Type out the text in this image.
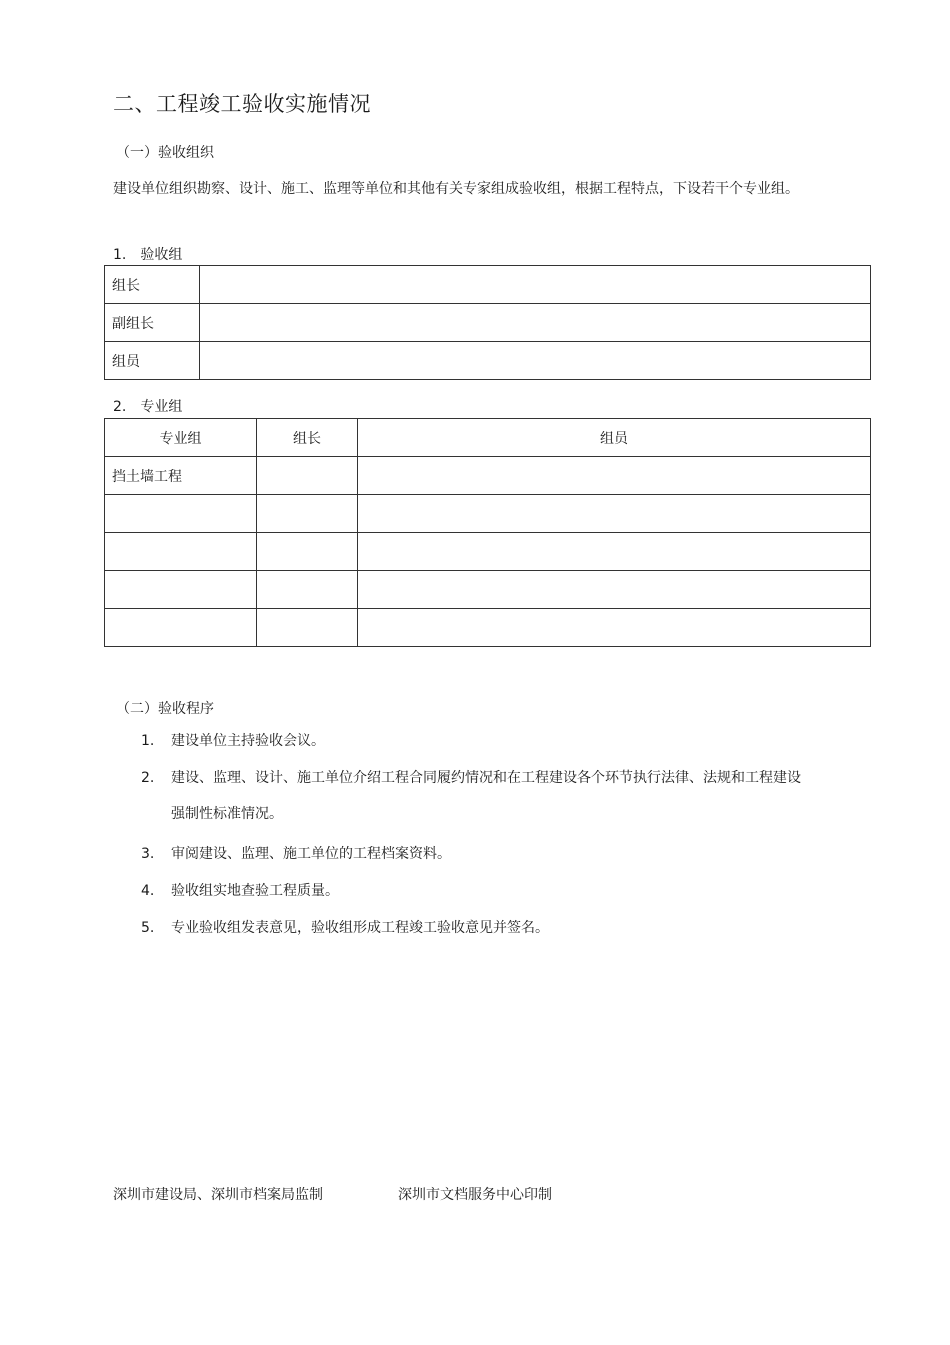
二、工程竣工验收实施情况
（一）验收组织
建设单位组织勘察、设计、施工、监理等单位和其他有关专家组成验收组，根据工程特点，下设若干个专业组。
1.　验收组
组长	
副组长	
组员	
2.　专业组
专业组	组长	组员
挡土墙工程		

（二）验收程序
1. 建设单位主持验收会议。
2. 建设、监理、设计、施工单位介绍工程合同履约情况和在工程建设各个环节执行法律、法规和工程建设强制性标准情况。
3. 审阅建设、监理、施工单位的工程档案资料。
4. 验收组实地查验工程质量。
5. 专业验收组发表意见，验收组形成工程竣工验收意见并签名。
深圳市建设局、深圳市档案局监制	深圳市文档服务中心印制
